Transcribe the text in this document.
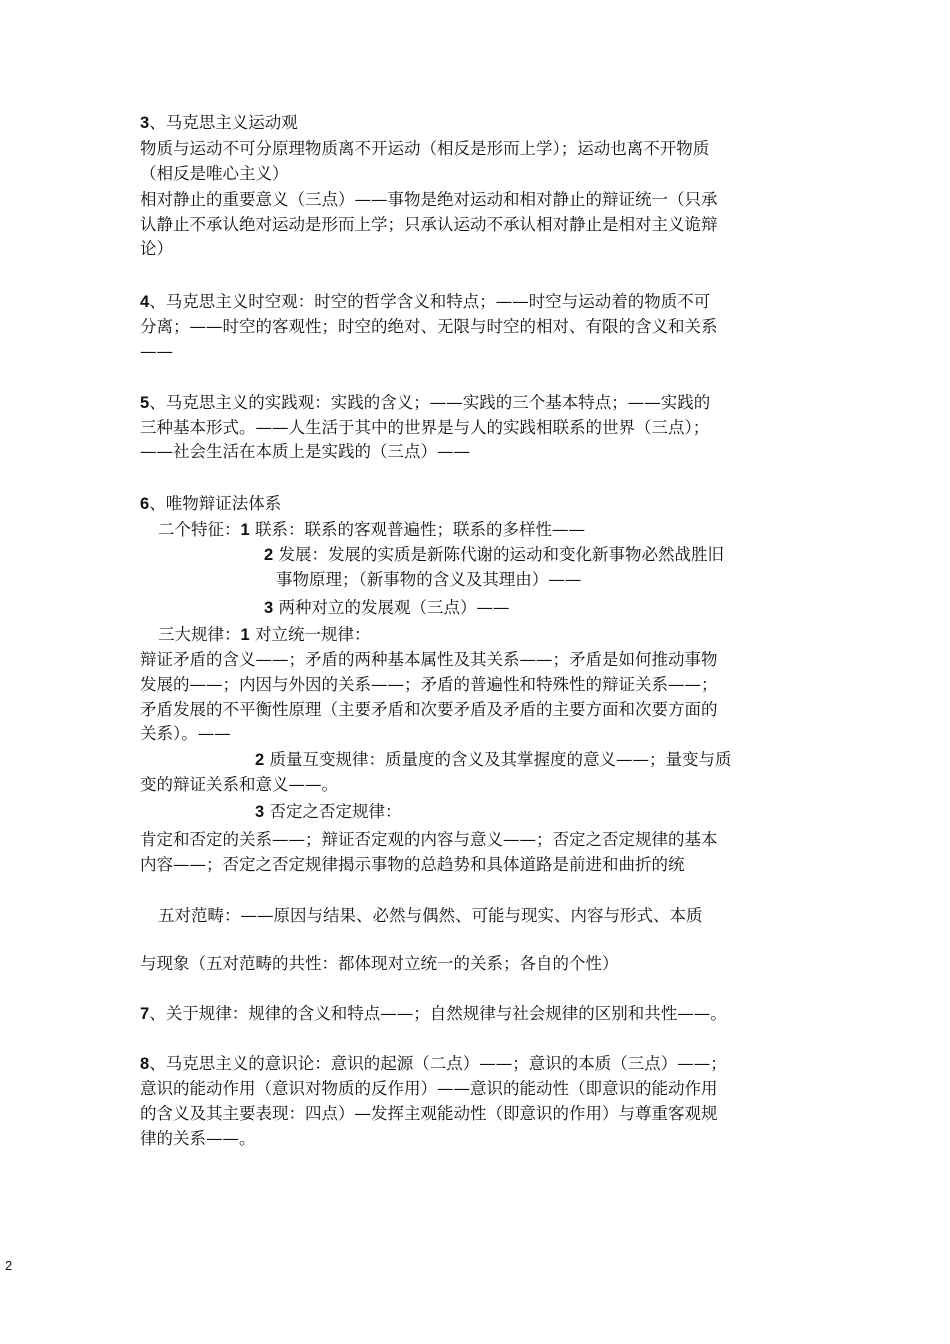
3、马克思主义运动观
物质与运动不可分原理物质离不开运动（相反是形而上学）；运动也离不开物质
（相反是唯心主义）
相对静止的重要意义（三点）——事物是绝对运动和相对静止的辩证统一（只承
认静止不承认绝对运动是形而上学；只承认运动不承认相对静止是相对主义诡辩
论）
4、马克思主义时空观：时空的哲学含义和特点；——时空与运动着的物质不可
分离；——时空的客观性；时空的绝对、无限与时空的相对、有限的含义和关系
——
5、马克思主义的实践观：实践的含义；——实践的三个基本特点；——实践的
三种基本形式。——人生活于其中的世界是与人的实践相联系的世界（三点）；
——社会生活在本质上是实践的（三点）——
6、唯物辩证法体系
二个特征：1 联系：联系的客观普遍性；联系的多样性——
2 发展：发展的实质是新陈代谢的运动和变化新事物必然战胜旧
事物原理；（新事物的含义及其理由）——
3 两种对立的发展观（三点）——
三大规律：1 对立统一规律：
辩证矛盾的含义——；矛盾的两种基本属性及其关系——；矛盾是如何推动事物
发展的——；内因与外因的关系——；矛盾的普遍性和特殊性的辩证关系——；
矛盾发展的不平衡性原理（主要矛盾和次要矛盾及矛盾的主要方面和次要方面的
关系）。——
2 质量互变规律：质量度的含义及其掌握度的意义——；量变与质
变的辩证关系和意义——。
3 否定之否定规律：
肯定和否定的关系——；辩证否定观的内容与意义——；否定之否定规律的基本
内容——；否定之否定规律揭示事物的总趋势和具体道路是前进和曲折的统
五对范畴：——原因与结果、必然与偶然、可能与现实、内容与形式、本质
与现象（五对范畴的共性：都体现对立统一的关系；各自的个性）
7、关于规律：规律的含义和特点——；自然规律与社会规律的区别和共性——。
8、马克思主义的意识论：意识的起源（二点）——；意识的本质（三点）——；
意识的能动作用（意识对物质的反作用）——意识的能动性（即意识的能动作用
的含义及其主要表现：四点）—发挥主观能动性（即意识的作用）与尊重客观规
律的关系——。
2
